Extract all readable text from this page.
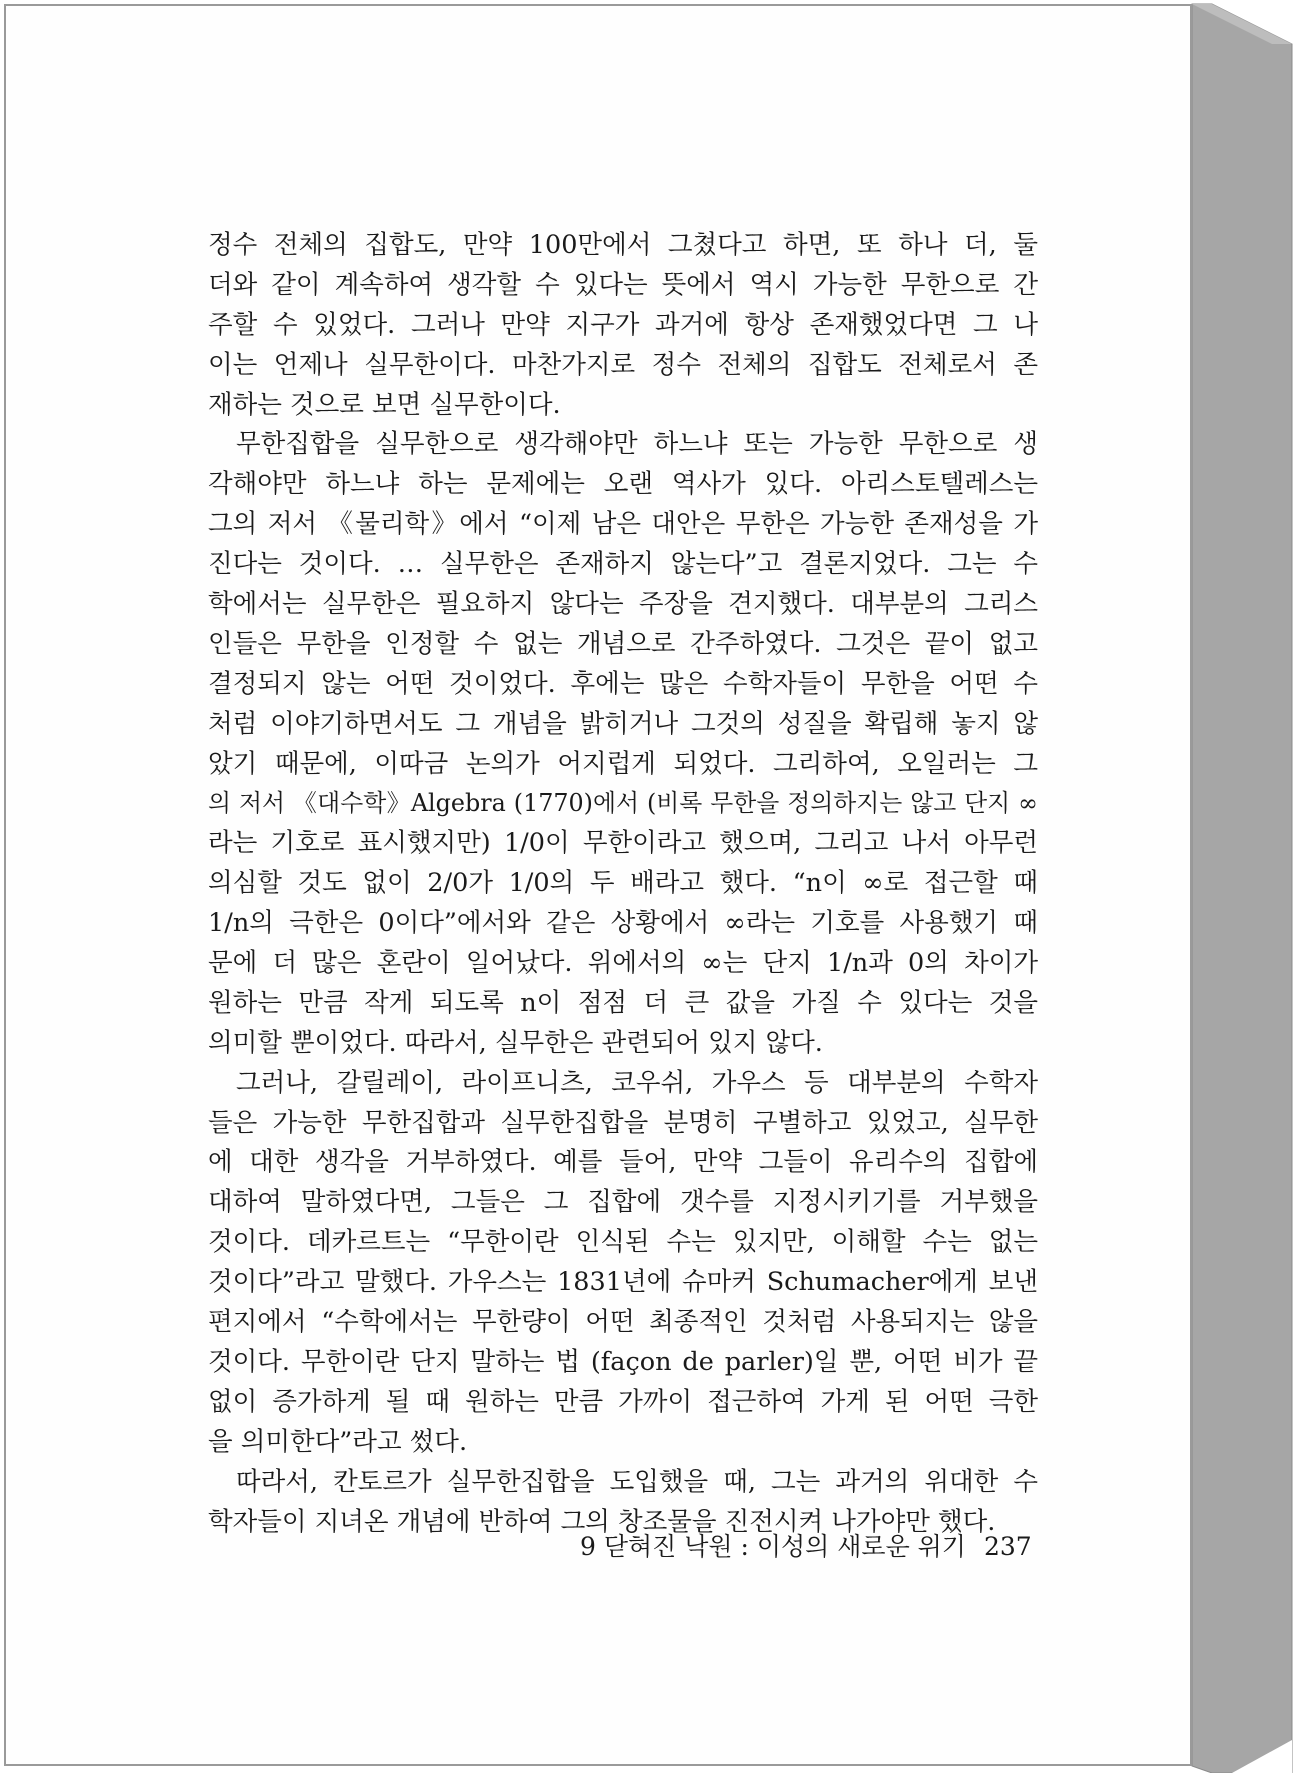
정수 전체의 집합도, 만약 100만에서 그쳤다고 하면, 또 하나 더, 둘
더와 같이 계속하여 생각할 수 있다는 뜻에서 역시 가능한 무한으로 간
주할 수 있었다. 그러나 만약 지구가 과거에 항상 존재했었다면 그 나
이는 언제나 실무한이다. 마찬가지로 정수 전체의 집합도 전체로서 존
재하는 것으로 보면 실무한이다.
무한집합을 실무한으로 생각해야만 하느냐 또는 가능한 무한으로 생
각해야만 하느냐 하는 문제에는 오랜 역사가 있다. 아리스토텔레스는
그의 저서 《물리학》에서 “이제 남은 대안은 무한은 가능한 존재성을 가
진다는 것이다. … 실무한은 존재하지 않는다”고 결론지었다. 그는 수
학에서는 실무한은 필요하지 않다는 주장을 견지했다. 대부분의 그리스
인들은 무한을 인정할 수 없는 개념으로 간주하였다. 그것은 끝이 없고
결정되지 않는 어떤 것이었다. 후에는 많은 수학자들이 무한을 어떤 수
처럼 이야기하면서도 그 개념을 밝히거나 그것의 성질을 확립해 놓지 않
았기 때문에, 이따금 논의가 어지럽게 되었다. 그리하여, 오일러는 그
의 저서 《대수학》Algebra (1770)에서 (비록 무한을 정의하지는 않고 단지 ∞
라는 기호로 표시했지만) 1/0이 무한이라고 했으며, 그리고 나서 아무런
의심할 것도 없이 2/0가 1/0의 두 배라고 했다. “n이 ∞로 접근할 때
1/n의 극한은 0이다”에서와 같은 상황에서 ∞라는 기호를 사용했기 때
문에 더 많은 혼란이 일어났다. 위에서의 ∞는 단지 1/n과 0의 차이가
원하는 만큼 작게 되도록 n이 점점 더 큰 값을 가질 수 있다는 것을
의미할 뿐이었다. 따라서, 실무한은 관련되어 있지 않다.
그러나, 갈릴레이, 라이프니츠, 코우쉬, 가우스 등 대부분의 수학자
들은 가능한 무한집합과 실무한집합을 분명히 구별하고 있었고, 실무한
에 대한 생각을 거부하였다. 예를 들어, 만약 그들이 유리수의 집합에
대하여 말하였다면, 그들은 그 집합에 갯수를 지정시키기를 거부했을
것이다. 데카르트는 “무한이란 인식된 수는 있지만, 이해할 수는 없는
것이다”라고 말했다. 가우스는 1831년에 슈마커 Schumacher에게 보낸
편지에서 “수학에서는 무한량이 어떤 최종적인 것처럼 사용되지는 않을
것이다. 무한이란 단지 말하는 법 (façon de parler)일 뿐, 어떤 비가 끝
없이 증가하게 될 때 원하는 만큼 가까이 접근하여 가게 된 어떤 극한
을 의미한다”라고 썼다.
따라서, 칸토르가 실무한집합을 도입했을 때, 그는 과거의 위대한 수
학자들이 지녀온 개념에 반하여 그의 창조물을 진전시켜 나가야만 했다.
9 닫혀진 낙원 : 이성의 새로운 위기 237
